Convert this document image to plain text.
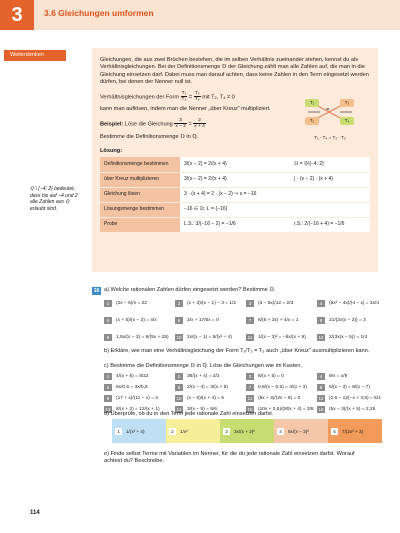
3	3.6 Gleichungen umformen
Weiterdenken

Gleichungen, die aus zwei Brüchen bestehen, die im selben Verhältnis zueinander stehen, kennst du als Verhältnisgleichungen. Bei der Definitionsmenge 𝔻 der Gleichung zählt man alle Zahlen auf, die man in die Gleichung einsetzen darf. Dabei muss man darauf achten, dass keine Zahlen in den Term eingesetzt werden dürfen, bei denen der Nenner null ist.

Verhältnisgleichungen der Form $\frac{\text{T₁}}{\text{T₂}} = \frac{\text{T₃}}{\text{T₄}}$ mit T₂, T₄ ≠ 0

kann man auflösen, indem man die Nenner „über Kreuz“ multipliziert.

Beispiel: Löse die Gleichung $\frac{3}{x - 2} = \frac{2}{x + 4}$

Bestimme die Definitionsmenge 𝔻 in ℚ.

T₁
T₂
=
T₃
T₄
T₁ · T₄ = T₃ · T₂
Lösung:
Definitionsmenge bestimmen	3/(x − 2) = 2/(x + 4)	𝔻 = ℚ\{−4; 2}
über Kreuz multiplizieren	3/(x − 2) = 2/(x + 4)	| · (x − 2) · (x + 4)
Gleichung lösen	3 · (x + 4) = 2 · (x − 2) ⇒ x = −16	
Lösungsmenge bestimmen	−16 ∈ 𝔻; 𝕃 = {−16}	
Probe	L.S.: 3/(−16 − 2) = −1/6	r.S.: 2/(−16 + 4) = −1/6
ℚ \ {−4; 2} bedeutet, dass bis auf −4 und 2 alle Zahlen aus ℚ erlaubt sind.
16 a) Welche rationalen Zahlen dürfen eingesetzt werden? Bestimme 𝔻.
1	(2x − 6)/x = 22	2	(x + 3)/(x − 1) − 3 = 1/2	3	(3 − 5x)/12 = 2/3	4	(5x² − 4x)/(4 − x) = 3x/4
5	(x + 5)/(x − 3) = 4/x	6	3/x + 17/6x = 0	7	6/(6 + 3x) + 4/x = 1	8	21/(2x(x − 2)) = 3
9	1,5x/(x − 3) = 6/(5x + 25)	10	2x/(x − 1) = 5/(x² − 4)	11	1/(x − 3)² = −5x/(x + 9)	12	2/(3x(x − 5)) = 1/4
b) Erkläre, wie man eine Verhältnisgleichung der Form T₁/T₂ = T₃ auch „über Kreuz“ ausmultiplizieren kann.
c) Bestimme die Definitionsmenge 𝔻 in ℚ. Löse die Gleichungen wie im Kasten.
1	4/(x + 6) = 8/22	2	36/(x + 4) = 2/2	3	6/(x + 5) = 0	4	9/x = x/9
5	6x/0,5 = 3x/0,5	6	2/(x − 4) = 3/(x + 5)	7	0,8/(x − 0,5) = 4/(x + 3)	8	6/(x − 3) = 8/(x − 7)
9	(17 + x)/(11 − x) = 3	10	(x − 6)/(x + 4) = 6	11	(6x + 3)/(2x − 8) = 0	12	(2,5 − x)/(−x + 3,5) = 5/1
13	8/(x + 2) = 12/(x + 1)	14	3/(x − 5) = 5/6	15	(10x + 0,5)/(80x + 4) = 3/8	16	(5x − 3)/(x + 5) = 2,25
d) Überprüfe, ob du in den Term jede rationale Zahl einsetzen darfst.
1	1/(x² + 4)	2	1/x²	3	3x/(x + 2)²	4	5x/(x − 2)²	5	7/(2x² + 3)
e) Finde selbst Terme mit Variablen im Nenner, für die du jede rationale Zahl einsetzen darfst. Worauf achtest du? Beschreibe.
114
